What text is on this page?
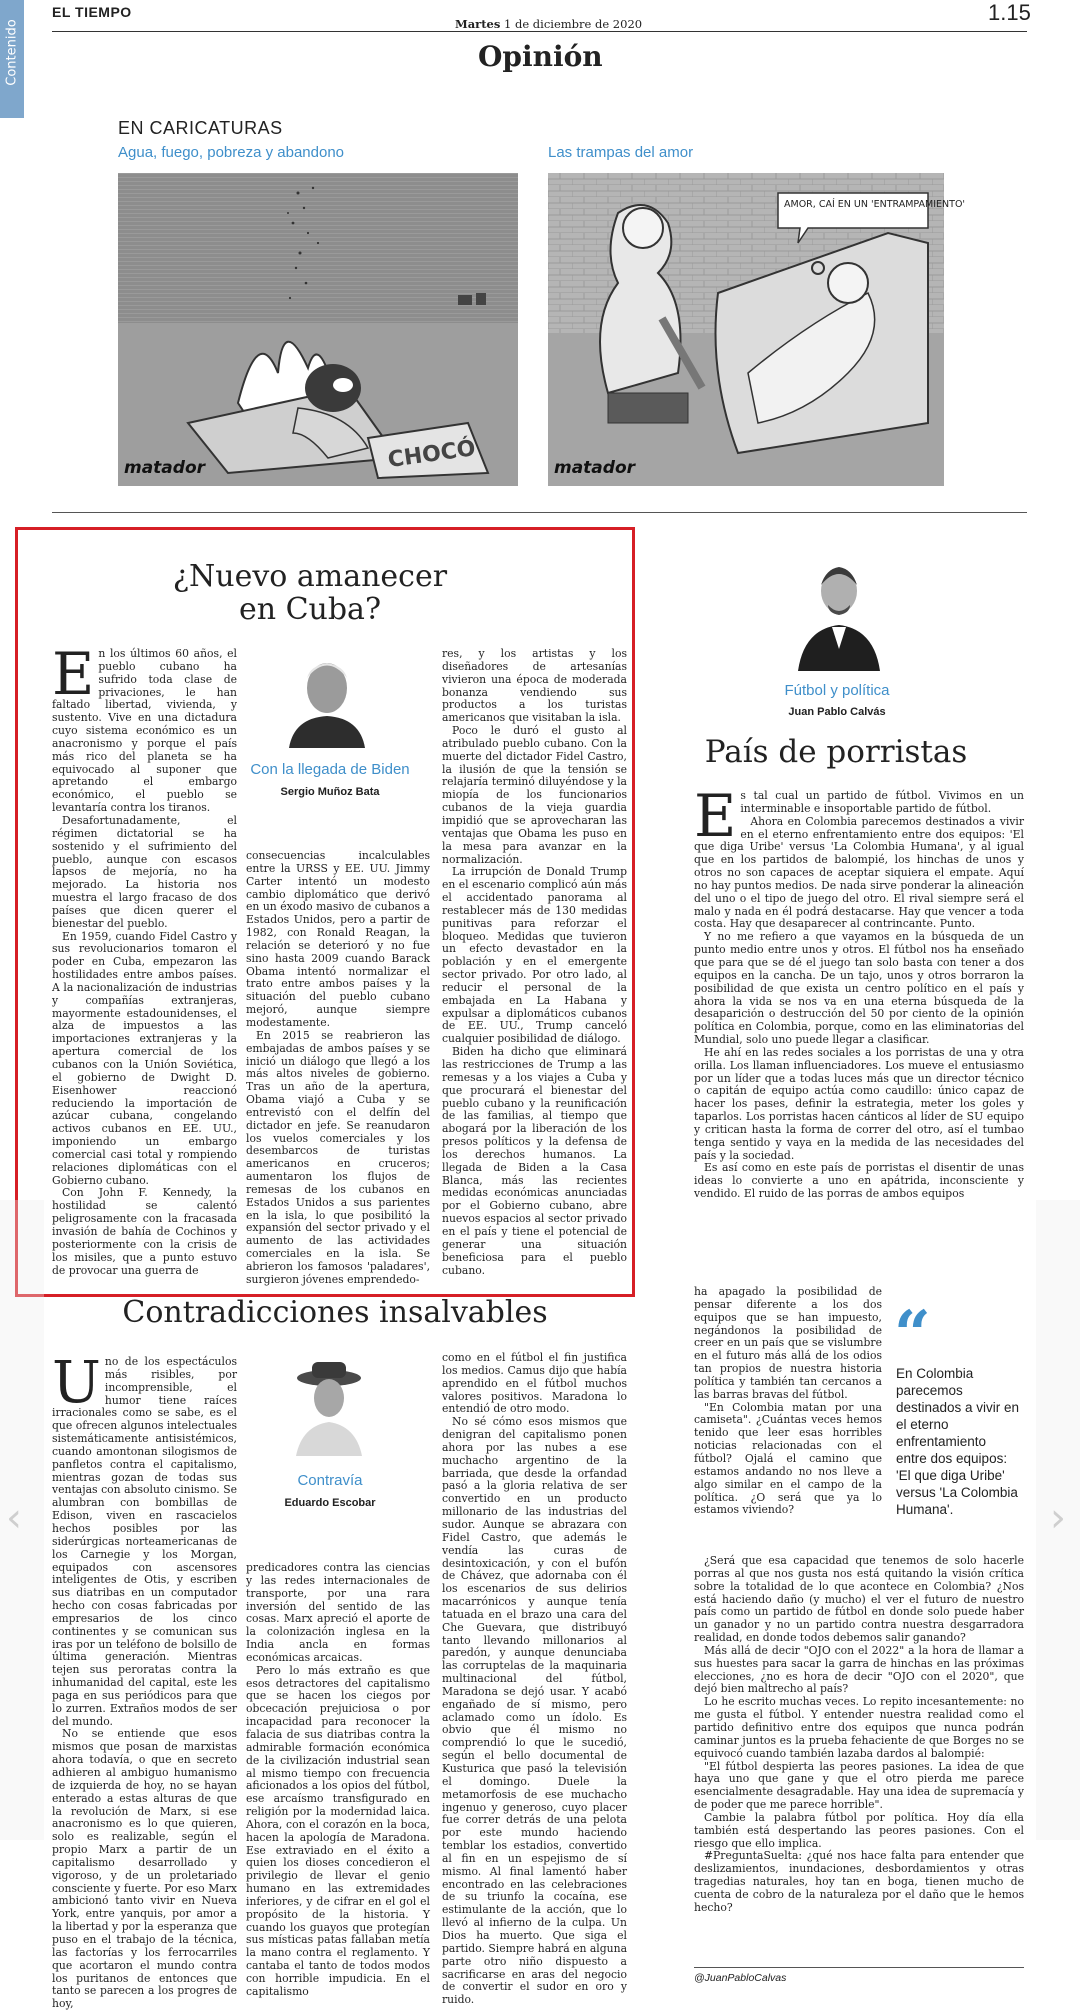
Contenido
EL TIEMPO
Martes 1 de diciembre de 2020	1.15
Opinión
EN CARICATURAS
Agua, fuego, pobreza y abandono	Las trampas del amor
CHOCÓ
matador
AMOR, CAÍ EN UN 'ENTRAMPAMIENTO'
matador
¿Nuevo amanecer
en Cuba?

En los últimos 60 años, el pueblo cubano ha sufrido toda clase de privaciones, le han faltado libertad, vivienda, y sustento. Vive en una dictadura cuyo sistema económico es un anacronismo y porque el país más rico del planeta se ha equivocado al suponer que apretando el embargo económico, el pueblo se levantaría contra los tiranos.

Desafortunadamente, el régimen dictatorial se ha sostenido y el sufrimiento del pueblo, aunque con escasos lapsos de mejoría, no ha mejorado. La historia nos muestra el largo fracaso de dos países que dicen querer el bienestar del pueblo.

En 1959, cuando Fidel Castro y sus revolucionarios tomaron el poder en Cuba, empezaron las hostilidades entre ambos países. A la nacionalización de industrias y compañías extranjeras, mayormente estadounidenses, el alza de impuestos a las importaciones extranjeras y la apertura comercial de los cubanos con la Unión Soviética, el gobierno de Dwight D. Eisenhower reaccionó reduciendo la importación de azúcar cubana, congelando activos cubanos en EE. UU., imponiendo un embargo comercial casi total y rompiendo relaciones diplomáticas con el Gobierno cubano.

Con John F. Kennedy, la hostilidad se calentó peligrosamente con la fracasada invasión de bahía de Cochinos y posteriormente con la crisis de los misiles, que a punto estuvo de provocar una guerra de

Con la llegada de Biden
Sergio Muñoz Bata

consecuencias incalculables entre la URSS y EE. UU. Jimmy Carter intentó un modesto cambio diplomático que derivó en un éxodo masivo de cubanos a Estados Unidos, pero a partir de 1982, con Ronald Reagan, la relación se deterioró y no fue sino hasta 2009 cuando Barack Obama intentó normalizar el trato entre ambos países y la situación del pueblo cubano mejoró, aunque siempre modestamente.

En 2015 se reabrieron las embajadas de ambos países y se inició un diálogo que llegó a los más altos niveles de gobierno. Tras un año de la apertura, Obama viajó a Cuba y se entrevistó con el delfín del dictador en jefe. Se reanudaron los vuelos comerciales y los desembarcos de turistas americanos en cruceros; aumentaron los flujos de remesas de los cubanos en Estados Unidos a sus parientes en la isla, lo que posibilitó la expansión del sector privado y el aumento de las actividades comerciales en la isla. Se abrieron los famosos 'paladares', surgieron jóvenes emprendedo-

res, y los artistas y los diseñadores de artesanías vivieron una época de moderada bonanza vendiendo sus productos a los turistas americanos que visitaban la isla.

Poco le duró el gusto al atribulado pueblo cubano. Con la muerte del dictador Fidel Castro, la ilusión de que la tensión se relajaría terminó diluyéndose y la miopía de los funcionarios cubanos de la vieja guardia impidió que se aprovecharan las ventajas que Obama les puso en la mesa para avanzar en la normalización.

La irrupción de Donald Trump en el escenario complicó aún más el accidentado panorama al restablecer más de 130 medidas punitivas para reforzar el bloqueo. Medidas que tuvieron un efecto devastador en la población y en el emergente sector privado. Por otro lado, al reducir el personal de la embajada en La Habana y expulsar a diplomáticos cubanos de EE. UU., Trump canceló cualquier posibilidad de diálogo.

Biden ha dicho que eliminará las restricciones de Trump a las remesas y a los viajes a Cuba y que procurará el bienestar del pueblo cubano y la reunificación de las familias, al tiempo que abogará por la liberación de los presos políticos y la defensa de los derechos humanos. La llegada de Biden a la Casa Blanca, más las recientes medidas económicas anunciadas por el Gobierno cubano, abre nuevos espacios al sector privado en el país y tiene el potencial de generar una situación beneficiosa para el pueblo cubano.

Contradicciones insalvables

Uno de los espectáculos más risibles, por incomprensible, el humor tiene raíces irracionales como se sabe, es el que ofrecen algunos intelectuales sistemáticamente antisistémicos, cuando amontonan silogismos de panfletos contra el capitalismo, mientras gozan de todas sus ventajas con absoluto cinismo. Se alumbran con bombillas de Edison, viven en rascacielos hechos posibles por las siderúrgicas norteamericanas de los Carnegie y los Morgan, equipados con ascensores inteligentes de Otis, y escriben sus diatribas en un computador hecho con cosas fabricadas por empresarios de los cinco continentes y se comunican sus iras por un teléfono de bolsillo de última generación. Mientras tejen sus peroratas contra la inhumanidad del capital, este les paga en sus periódicos para que lo zurren. Extraños modos de ser del mundo.

No se entiende que esos mismos que posan de marxistas ahora todavía, o que en secreto adhieren al ambiguo humanismo de izquierda de hoy, no se hayan enterado a estas alturas de que la revolución de Marx, si ese anacronismo es lo que quieren, solo es realizable, según el propio Marx a partir de un capitalismo desarrollado y vigoroso, y de un proletariado consciente y fuerte. Por eso Marx ambicionó tanto vivir en Nueva York, entre yanquis, por amor a la libertad y por la esperanza que puso en el trabajo de la técnica, las factorías y los ferrocarriles que acortaron el mundo contra los puritanos de entonces que tanto se parecen a los progres de hoy,

Contravía
Eduardo Escobar

predicadores contra las ciencias y las redes internacionales de transporte, por una rara inversión del sentido de las cosas. Marx apreció el aporte de la colonización inglesa en la India ancla en formas económicas arcaicas.

Pero lo más extraño es que esos detractores del capitalismo que se hacen los ciegos por obcecación prejuiciosa o por incapacidad para reconocer la falacia de sus diatribas contra la admirable formación económica de la civilización industrial sean al mismo tiempo con frecuencia aficionados a los opios del fútbol, ese arcaísmo transfigurado en religión por la modernidad laica. Ahora, con el corazón en la boca, hacen la apología de Maradona. Ese extraviado en el éxito a quien los dioses concedieron el privilegio de llevar el genio humano en las extremidades inferiores, y de cifrar en el gol el propósito de la historia. Y cuando los guayos que protegían sus místicas patas fallaban metía la mano contra el reglamento. Y cantaba el tanto de todos modos con horrible impudicia. En el capitalismo

como en el fútbol el fin justifica los medios. Camus dijo que había aprendido en el fútbol muchos valores positivos. Maradona lo entendió de otro modo.

No sé cómo esos mismos que denigran del capitalismo ponen ahora por las nubes a ese muchacho argentino de la barriada, que desde la orfandad pasó a la gloria relativa de ser convertido en un producto millonario de las industrias del sudor. Aunque se abrazara con Fidel Castro, que además le vendía las curas de desintoxicación, y con el bufón de Chávez, que adornaba con él los escenarios de sus delirios macarrónicos y aunque tenía tatuada en el brazo una cara del Che Guevara, que distribuyó tanto llevando millonarios al paredón, y aunque denunciaba las corruptelas de la maquinaria multinacional del fútbol, Maradona se dejó usar. Y acabó engañado de sí mismo, pero aclamado como un ídolo. Es obvio que él mismo no comprendió lo que le sucedió, según el bello documental de Kusturica que pasó la televisión el domingo. Duele la metamorfosis de ese muchacho ingenuo y generoso, cuyo placer fue correr detrás de una pelota por este mundo haciendo temblar los estadios, convertido al fin en un espejismo de sí mismo. Al final lamentó haber encontrado en las celebraciones de su triunfo la cocaína, ese estimulante de la acción, que lo llevó al infierno de la culpa. Un Dios ha muerto. Que siga el partido. Siempre habrá en alguna parte otro niño dispuesto a sacrificarse en aras del negocio de convertir el sudor en oro y ruido.

Fútbol y política
Juan Pablo Calvás
País de porristas

Es tal cual un partido de fútbol. Vivimos en un interminable e insoportable partido de fútbol.

Ahora en Colombia parecemos destinados a vivir en el eterno enfrentamiento entre dos equipos: 'El que diga Uribe' versus 'La Colombia Humana', y al igual que en los partidos de balompié, los hinchas de unos y otros no son capaces de aceptar siquiera el empate. Aquí no hay puntos medios. De nada sirve ponderar la alineación del uno o el tipo de juego del otro. El rival siempre será el malo y nada en él podrá destacarse. Hay que vencer a toda costa. Hay que desaparecer al contrincante. Punto.

Y no me refiero a que vayamos en la búsqueda de un punto medio entre unos y otros. El fútbol nos ha enseñado que para que se dé el juego tan solo basta con tener a dos equipos en la cancha. De un tajo, unos y otros borraron la posibilidad de que exista un centro político en el país y ahora la vida se nos va en una eterna búsqueda de la desaparición o destrucción del 50 por ciento de la opinión política en Colombia, porque, como en las eliminatorias del Mundial, solo uno puede llegar a clasificar.

He ahí en las redes sociales a los porristas de una y otra orilla. Los llaman influenciadores. Los mueve el entusiasmo por un líder que a todas luces más que un director técnico o capitán de equipo actúa como caudillo: único capaz de hacer los pases, definir la estrategia, meter los goles y taparlos. Los porristas hacen cánticos al líder de SU equipo y critican hasta la forma de correr del otro, así el tumbao tenga sentido y vaya en la medida de las necesidades del país y la sociedad.

Es así como en este país de porristas el disentir de unas ideas lo convierte a uno en apátrida, inconsciente y vendido. El ruido de las porras de ambos equipos

ha apagado la posibilidad de pensar diferente a los dos equipos que se han impuesto, negándonos la posibilidad de creer en un país que se vislumbre en el futuro más allá de los odios tan propios de nuestra historia política y también tan cercanos a las barras bravas del fútbol.

"En Colombia matan por una camiseta". ¿Cuántas veces hemos tenido que leer esas horribles noticias relacionadas con el fútbol? Ojalá el camino que estamos andando no nos lleve a algo similar en el campo de la política. ¿O será que ya lo estamos viviendo?

“
En Colombia parecemos destinados a vivir en el eterno enfrentamiento entre dos equipos: 'El que diga Uribe' versus 'La Colombia Humana'.

¿Será que esa capacidad que tenemos de solo hacerle porras al que nos gusta nos está quitando la visión crítica sobre la totalidad de lo que acontece en Colombia? ¿Nos está haciendo daño (y mucho) el ver el futuro de nuestro país como un partido de fútbol en donde solo puede haber un ganador y no un partido contra nuestra desgarradora realidad, en donde todos debemos salir ganando?

Más allá de decir "OJO con el 2022" a la hora de llamar a sus huestes para sacar la garra de hinchas en las próximas elecciones, ¿no es hora de decir "OJO con el 2020", que dejó bien maltrecho al país?

Lo he escrito muchas veces. Lo repito incesantemente: no me gusta el fútbol. Y entender nuestra realidad como el partido definitivo entre dos equipos que nunca podrán caminar juntos es la prueba fehaciente de que Borges no se equivocó cuando también lazaba dardos al balompié:

"El fútbol despierta las peores pasiones. La idea de que haya uno que gane y que el otro pierda me parece esencialmente desagradable. Hay una idea de supremacía y de poder que me parece horrible".

Cambie la palabra fútbol por política. Hoy día ella también está despertando las peores pasiones. Con el riesgo que ello implica.

#PreguntaSuelta: ¿qué nos hace falta para entender que deslizamientos, inundaciones, desbordamientos y otras tragedias naturales, hoy tan en boga, tienen mucho de cuenta de cobro de la naturaleza por el daño que le hemos hecho?

@JuanPabloCalvas
‹	›
